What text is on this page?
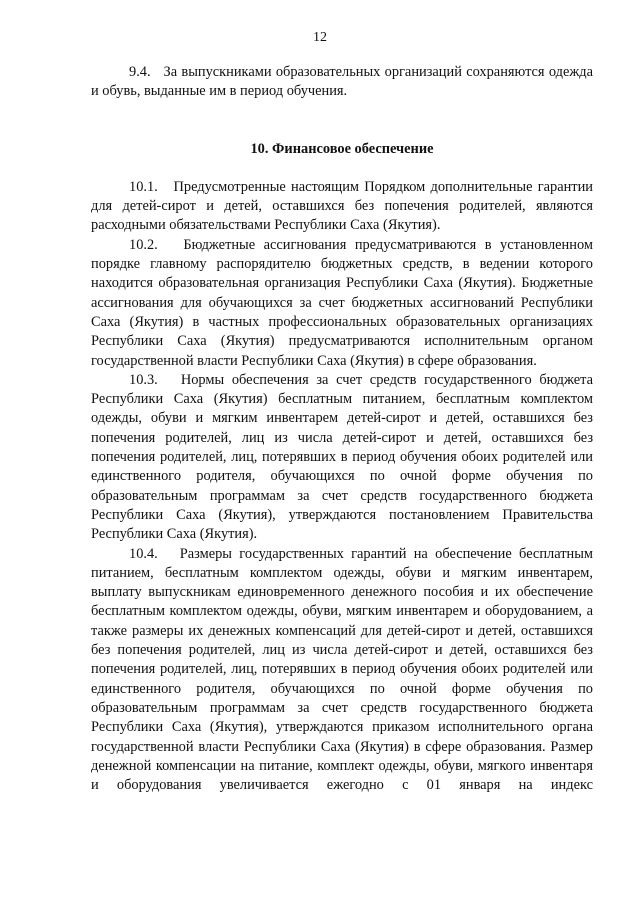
12

9.4.   За выпускниками образовательных организаций сохраняются одежда и обувь, выданные им в период обучения.

10. Финансовое обеспечение

10.1.   Предусмотренные настоящим Порядком дополнительные гарантии для детей-сирот и детей, оставшихся без попечения родителей, являются расходными обязательствами Республики Саха (Якутия).

10.2.   Бюджетные ассигнования предусматриваются в установленном порядке главному распорядителю бюджетных средств, в ведении которого находится образовательная организация Республики Саха (Якутия). Бюджетные ассигнования для обучающихся за счет бюджетных ассигнований Республики Саха (Якутия) в частных профессиональных образовательных организациях Республики Саха (Якутия) предусматриваются исполнительным органом государственной власти Республики Саха (Якутия) в сфере образования.

10.3.   Нормы обеспечения за счет средств государственного бюджета Республики Саха (Якутия) бесплатным питанием, бесплатным комплектом одежды, обуви и мягким инвентарем детей-сирот и детей, оставшихся без попечения родителей, лиц из числа детей-сирот и детей, оставшихся без попечения родителей, лиц, потерявших в период обучения обоих родителей или единственного родителя, обучающихся по очной форме обучения по образовательным программам за счет средств государственного бюджета Республики Саха (Якутия), утверждаются постановлением Правительства Республики Саха (Якутия).

10.4.   Размеры государственных гарантий на обеспечение бесплатным питанием, бесплатным комплектом одежды, обуви и мягким инвентарем, выплату выпускникам единовременного денежного пособия и их обеспечение бесплатным комплектом одежды, обуви, мягким инвентарем и оборудованием, а также размеры их денежных компенсаций для детей-сирот и детей, оставшихся без попечения родителей, лиц из числа детей-сирот и детей, оставшихся без попечения родителей, лиц, потерявших в период обучения обоих родителей или единственного родителя, обучающихся по очной форме обучения по образовательным программам за счет средств государственного бюджета Республики Саха (Якутия), утверждаются приказом исполнительного органа государственной власти Республики Саха (Якутия) в сфере образования. Размер денежной компенсации на питание, комплект одежды, обуви, мягкого инвентаря и оборудования увеличивается ежегодно с 01 января на индекс
